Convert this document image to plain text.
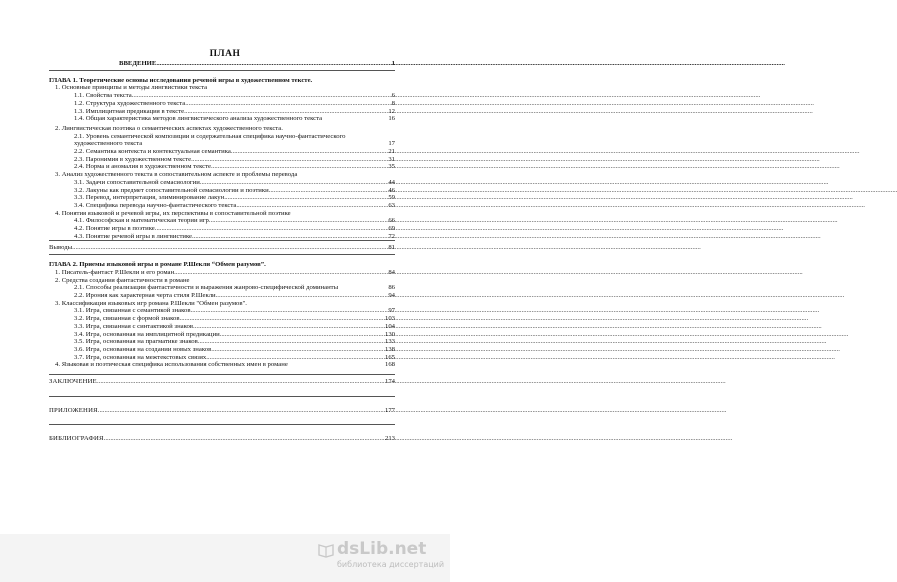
ПЛАН
ВВЕДЕНИЕ .....	1
ГЛАВА 1. Теоретические основы исследования речевой игры в художественном тексте.
1. Основные принципы и методы лингвистики текста
1.1. Свойства текста .....	6
1.2. Структура художественного текста .....	8
1.3. Имплицитная предикация в тексте .....	12
1.4. Общая характеристика методов лингвистического анализа художественного текста	16
2. Лингвистическая поэтика о семантических аспектах художественного текста.
2.1. Уровень семантической композиции и содержательная специфика научно-фантастического художественного текста	17
2.2. Семантика контекста и контекстуальная семантика .....	21
2.3. Паронимия в художественном тексте .....	31
2.4. Норма и аномалия в художественном тексте .....	35
3. Анализ художественного текста в сопоставительном аспекте и проблемы перевода
3.1. Задачи сопоставительной семасиологии .....	44
3.2. Лакуны как предмет сопоставительной семасиологии и поэтики .....	46
3.3. Перевод, интерпретация, элиминирование лакун .....	59
3.4. Специфика перевода научно-фантастического текста .....	63
4. Понятия языковой и речевой игры, их перспективы в сопоставительной поэтике
4.1. Философская и математическая теории игр .....	66
4.2. Понятие игры в поэтике .....	69
4.3. Понятие речевой игры в лингвистике .....	72
Выводы .....	81
ГЛАВА 2. Приемы языковой игры в романе Р.Шекли “Обмен разумов”.
1. Писатель-фантаст Р.Шекли и его роман .....	84
2. Средства создания фантастичности в романе
2.1. Способы реализации фантастичности и выражения жанрово-специфической доминанты	86
2.2. Ирония как характерная черта стиля Р.Шекли .....	94
3. Классификация языковых игр романа Р.Шекли "Обмен разумов".
3.1. Игра, связанная с семантикой знаков .....	97
3.2. Игра, связанная с формой знаков .....	103
3.3. Игра, связанная с синтактикой знаков .....	104
3.4. Игра, основанная на имплицитной предикации .....	130
3.5. Игра, основанная на прагматике знаков .....	133
3.6. Игра, основанная на создании новых знаков .....	138
3.7. Игра, основанная на межтекстовых связях .....	165
4. Языковая и поэтическая специфика использования собственных имен в романе	168
ЗАКЛЮЧЕНИЕ .....	174
ПРИЛОЖЕНИЯ .....	177
БИБЛИОГРАФИЯ .....	213
dsLib.net
библиотека диссертаций
